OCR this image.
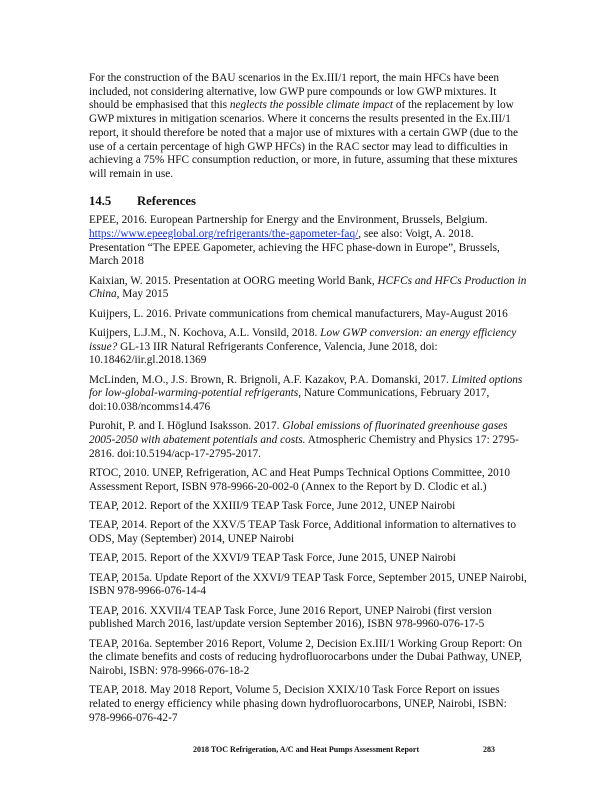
For the construction of the BAU scenarios in the Ex.III/1 report, the main HFCs have been included, not considering alternative, low GWP pure compounds or low GWP mixtures. It should be emphasised that this neglects the possible climate impact of the replacement by low GWP mixtures in mitigation scenarios. Where it concerns the results presented in the Ex.III/1 report, it should therefore be noted that a major use of mixtures with a certain GWP (due to the use of a certain percentage of high GWP HFCs) in the RAC sector may lead to difficulties in achieving a 75% HFC consumption reduction, or more, in future, assuming that these mixtures will remain in use.

14.5	References

EPEE, 2016. European Partnership for Energy and the Environment, Brussels, Belgium. https://www.epeeglobal.org/refrigerants/the-gapometer-faq/, see also: Voigt, A. 2018. Presentation “The EPEE Gapometer, achieving the HFC phase-down in Europe”, Brussels, March 2018

Kaixian, W. 2015. Presentation at OORG meeting World Bank, HCFCs and HFCs Production in China, May 2015

Kuijpers, L. 2016. Private communications from chemical manufacturers, May-August 2016

Kuijpers, L.J.M., N. Kochova, A.L. Vonsild, 2018. Low GWP conversion: an energy efficiency issue? GL-13 IIR Natural Refrigerants Conference, Valencia, June 2018, doi: 10.18462/iir.gl.2018.1369

McLinden, M.O., J.S. Brown, R. Brignoli, A.F. Kazakov, P.A. Domanski, 2017. Limited options for low-global-warming-potential refrigerants, Nature Communications, February 2017, doi:10.038/ncomms14.476

Purohit, P. and I. Höglund Isaksson. 2017. Global emissions of fluorinated greenhouse gases 2005-2050 with abatement potentials and costs. Atmospheric Chemistry and Physics 17: 2795-2816. doi:10.5194/acp-17-2795-2017.

RTOC, 2010. UNEP, Refrigeration, AC and Heat Pumps Technical Options Committee, 2010 Assessment Report, ISBN 978-9966-20-002-0 (Annex to the Report by D. Clodic et al.)

TEAP, 2012. Report of the XXIII/9 TEAP Task Force, June 2012, UNEP Nairobi

TEAP, 2014. Report of the XXV/5 TEAP Task Force, Additional information to alternatives to ODS, May (September) 2014, UNEP Nairobi

TEAP, 2015. Report of the XXVI/9 TEAP Task Force, June 2015, UNEP Nairobi

TEAP, 2015a. Update Report of the XXVI/9 TEAP Task Force, September 2015, UNEP Nairobi, ISBN 978-9966-076-14-4

TEAP, 2016. XXVII/4 TEAP Task Force, June 2016 Report, UNEP Nairobi (first version published March 2016, last/update version September 2016), ISBN 978-9960-076-17-5

TEAP, 2016a. September 2016 Report, Volume 2, Decision Ex.III/1 Working Group Report: On the climate benefits and costs of reducing hydrofluorocarbons under the Dubai Pathway, UNEP, Nairobi, ISBN: 978-9966-076-18-2

TEAP, 2018. May 2018 Report, Volume 5, Decision XXIX/10 Task Force Report on issues related to energy efficiency while phasing down hydrofluorocarbons, UNEP, Nairobi, ISBN: 978-9966-076-42-7

2018 TOC Refrigeration, A/C and Heat Pumps Assessment Report	283
